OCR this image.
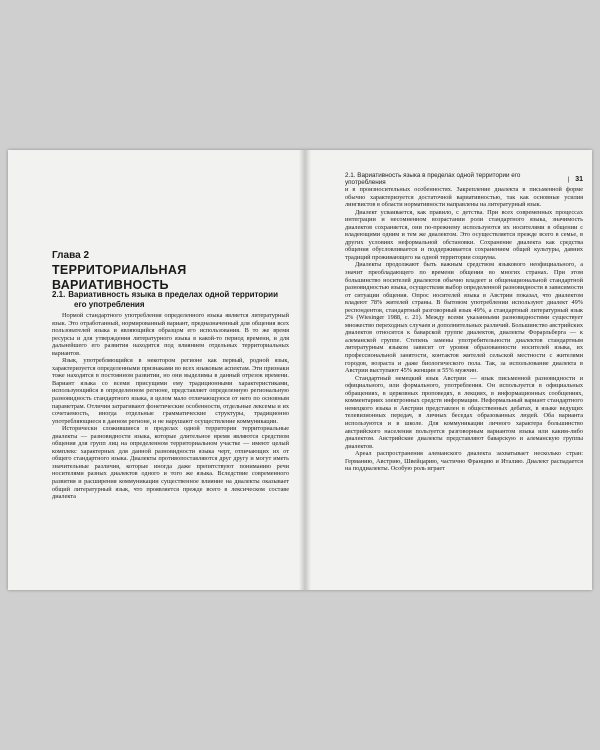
Глава 2
ТЕРРИТОРИАЛЬНАЯ ВАРИАТИВНОСТЬ
2.1. Вариативность языка в пределах одной территории
его употребления

Нормой стандартного употребления определенного языка является литературный язык. Это отработанный, нормированный вариант, предназначенный для общения всех пользователей языка и являющийся образцом его использования. В то же время ресурсы и для утверждения литературного языка в какой-то период времени, и для дальнейшего его развития находятся под влиянием отдельных территориальных вариантов.

Язык, употребляющийся в некотором регионе как первый, родной язык, характеризуется определенными признаками во всех языковым аспектам. Эти признаки тоже находятся в постоянном развитии, но они выделимы в данный отрезок времени. Вариант языка со всеми присущими ему традиционными характеристиками, использующийся в определенном регионе, представляет определенную региональную разновидность стандартного языка, в целом мало отличающуюся от него по основным параметрам. Отличия затрагивают фонетические особенности, отдельные лексемы и их сочетаемость, иногда отдельные грамматические структуры, традиционно употребляющиеся в данном регионе, и не нарушают осуществление коммуникации.

Исторически сложившиеся в пределах одной территории территориальные диалекты — разновидности языка, которые длительное время являются средством общения для групп лиц на определенном территориальном участке — имеют целый комплекс характерных для данной разновидности языка черт, отличающих их от общего стандартного языка. Диалекты противопоставляются друг другу и могут иметь значительные различия, которые иногда даже препятствуют пониманию речи носителями разных диалектов одного и того же языка. Вследствие современного развития и расширения коммуникации существенное влияние на диалекты оказывает общий литературный язык, что проявляется прежде всего в лексическом составе диалекта

2.1. Вариативность языка в пределах одной территории его употребления	| 31

и в произносительных особенностях. Закрепление диалекта в письменной форме обычно характеризуется достаточной вариативностью, так как основные усилия лингвистов в области нормативности направлены на литературный язык.

Диалект усваивается, как правило, с детства. При всех современных процессах интеграции и несомненном возрастании роли стандартного языка, значимость диалектов сохраняется, они по-прежнему используются их носителями в общении с владеющими одним и тем же диалектом. Это осуществляется прежде всего в семье, в других условиях неформальной обстановки. Сохранение диалекта как средства общения обусловливается и поддерживается сохранением общей культуры, давних традиций проживающего на одной территории социума.

Диалекты продолжают быть важным средством языкового неофициального, а значит преобладающего по времени общения во многих странах. При этом большинство носителей диалектов обычно владеет и общенациональной стандартной разновидностью языка, осуществляя выбор определенной разновидности в зависимости от ситуации общения. Опрос носителей языка в Австрии показал, что диалектом владеют 78% жителей страны. В бытовом употреблении используют диалект 49% респондентов, стандартный разговорный язык 49%, а стандартный литературный язык 2% (Wiesinger 1988, с. 21). Между всеми указанными разновидностями существует множество переходных случаев и дополнительных различий. Большинство австрийских диалектов относится к баварской группе диалектов, диалекты Форарльберга — к алеманской группе. Степень замены употребительности диалектов стандартным литературным языком зависит от уровня образованности носителей языка, их профессиональной занятости, контактов жителей сельской местности с жителями городов, возраста и даже биологического пола. Так, за использование диалекта в Австрии выступают 45% женщин и 55% мужчин.

Стандартный немецкий язык Австрии — язык письменной разновидности и официального, или формального, употребления. Он используется в официальных обращениях, в церковных проповедях, в лекциях, в информационных сообщениях, комментариях электронных средств информации. Неформальный вариант стандартного немецкого языка в Австрии представлен в общественных дебатах, в языке ведущих телевизионных передач, в личных беседах образованных людей. Оба варианта используются и в школе. Для коммуникации личного характера большинство австрийского населения пользуется разговорным вариантом языка или каким-либо диалектом. Австрийские диалекты представляют баварскую и алеманскую группы диалектов.

Ареал распространения алеманского диалекта захватывает несколько стран: Германию, Австрию, Швейцарию, частично Францию и Италию. Диалект распадается на поддиалекты. Особую роль играет
